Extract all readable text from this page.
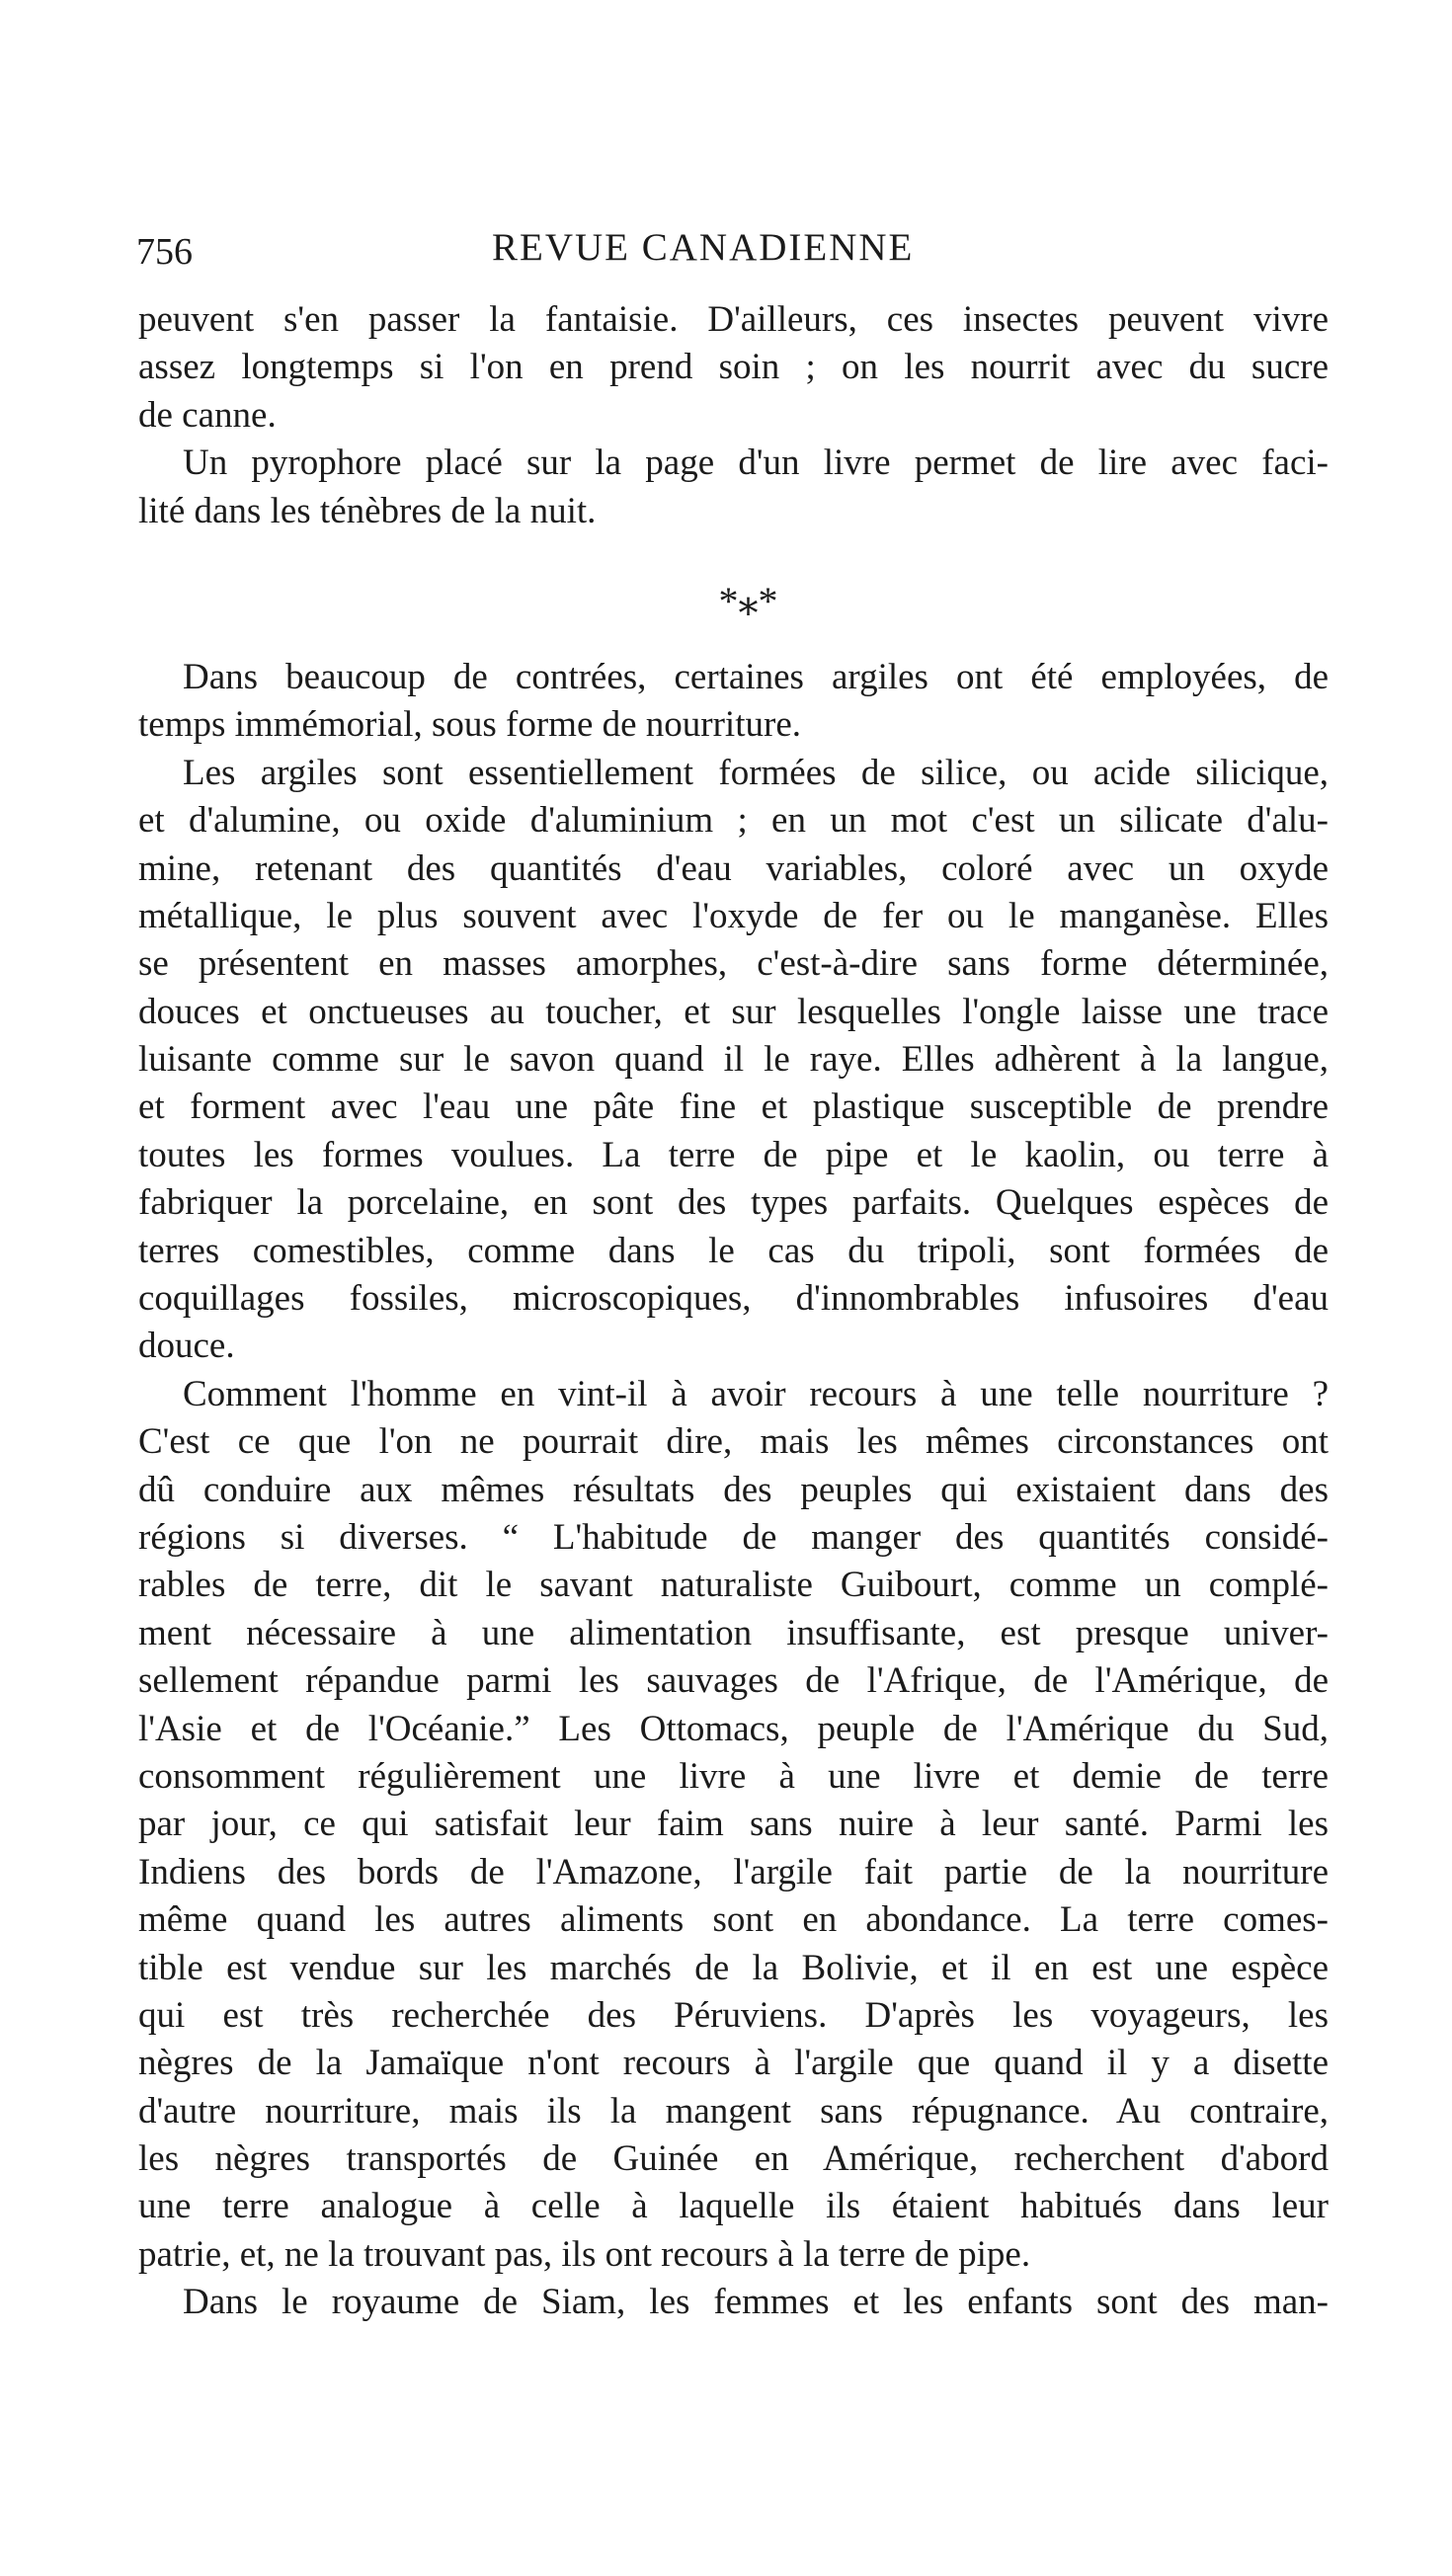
756	REVUE CANADIENNE
peuvent s'en passer la fantaisie. D'ailleurs, ces insectes peuvent vivre
assez longtemps si l'on en prend soin ; on les nourrit avec du sucre
de canne.
Un pyrophore placé sur la page d'un livre permet de lire avec faci-
lité dans les ténèbres de la nuit.
*⁎*
Dans beaucoup de contrées, certaines argiles ont été employées, de
temps immémorial, sous forme de nourriture.
Les argiles sont essentiellement formées de silice, ou acide silicique,
et d'alumine, ou oxide d'aluminium ; en un mot c'est un silicate d'alu-
mine, retenant des quantités d'eau variables, coloré avec un oxyde
métallique, le plus souvent avec l'oxyde de fer ou le manganèse. Elles
se présentent en masses amorphes, c'est-à-dire sans forme déterminée,
douces et onctueuses au toucher, et sur lesquelles l'ongle laisse une trace
luisante comme sur le savon quand il le raye. Elles adhèrent à la langue,
et forment avec l'eau une pâte fine et plastique susceptible de prendre
toutes les formes voulues. La terre de pipe et le kaolin, ou terre à
fabriquer la porcelaine, en sont des types parfaits. Quelques espèces de
terres comestibles, comme dans le cas du tripoli, sont formées de
coquillages fossiles, microscopiques, d'innombrables infusoires d'eau
douce.
Comment l'homme en vint-il à avoir recours à une telle nourriture ?
C'est ce que l'on ne pourrait dire, mais les mêmes circonstances ont
dû conduire aux mêmes résultats des peuples qui existaient dans des
régions si diverses. “ L'habitude de manger des quantités considé-
rables de terre, dit le savant naturaliste Guibourt, comme un complé-
ment nécessaire à une alimentation insuffisante, est presque univer-
sellement répandue parmi les sauvages de l'Afrique, de l'Amérique, de
l'Asie et de l'Océanie.” Les Ottomacs, peuple de l'Amérique du Sud,
consomment régulièrement une livre à une livre et demie de terre
par jour, ce qui satisfait leur faim sans nuire à leur santé. Parmi les
Indiens des bords de l'Amazone, l'argile fait partie de la nourriture
même quand les autres aliments sont en abondance. La terre comes-
tible est vendue sur les marchés de la Bolivie, et il en est une espèce
qui est très recherchée des Péruviens. D'après les voyageurs, les
nègres de la Jamaïque n'ont recours à l'argile que quand il y a disette
d'autre nourriture, mais ils la mangent sans répugnance. Au contraire,
les nègres transportés de Guinée en Amérique, recherchent d'abord
une terre analogue à celle à laquelle ils étaient habitués dans leur
patrie, et, ne la trouvant pas, ils ont recours à la terre de pipe.
Dans le royaume de Siam, les femmes et les enfants sont des man-
